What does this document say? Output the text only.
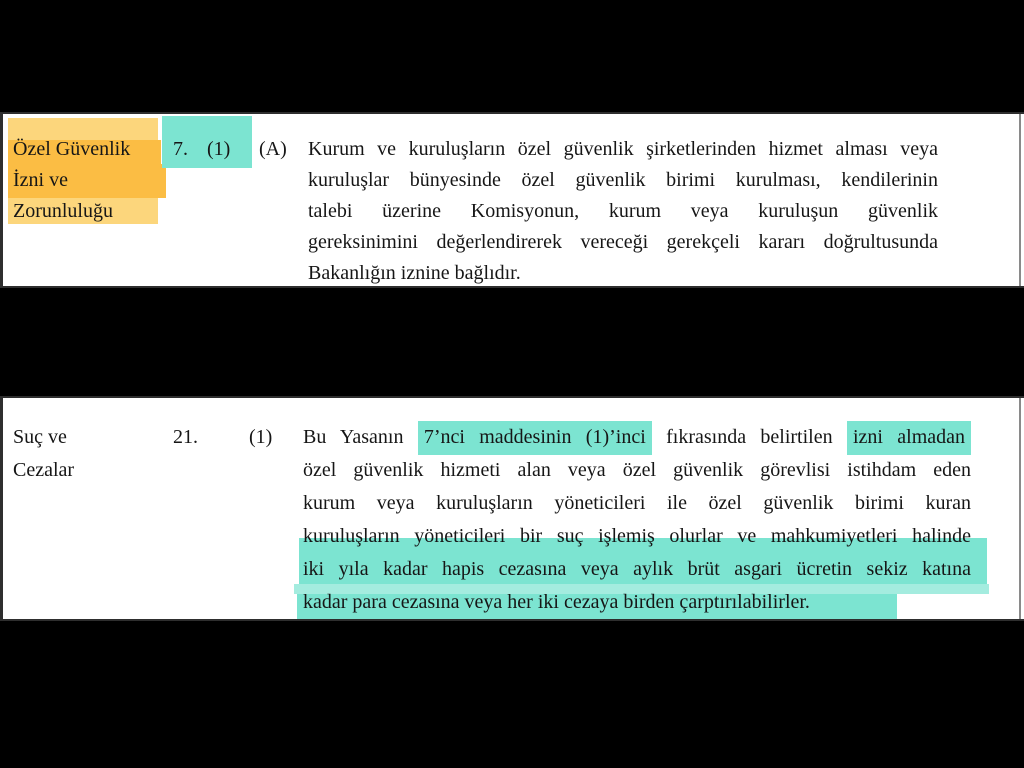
Özel Güvenlik
İzni ve
Zorunluluğu
7. (1) (A) Kurum ve kuruluşların özel güvenlik şirketlerinden hizmet alması veya
kuruluşlar bünyesinde özel güvenlik birimi kurulması, kendilerinin
talebi üzerine Komisyonun, kurum veya kuruluşun güvenlik
gereksinimini değerlendirerek vereceği gerekçeli kararı doğrultusunda
Bakanlığın iznine bağlıdır.
Suç ve
Cezalar
21.	(1) Bu Yasanın 7’nci maddesinin (1)’inci fıkrasında belirtilen izni almadan
özel güvenlik hizmeti alan veya özel güvenlik görevlisi istihdam eden
kurum veya kuruluşların yöneticileri ile özel güvenlik birimi kuran
kuruluşların yöneticileri bir suç işlemiş olurlar ve mahkumiyetleri halinde
iki yıla kadar hapis cezasına veya aylık brüt asgari ücretin sekiz katına
kadar para cezasına veya her iki cezaya birden çarptırılabilirler.
